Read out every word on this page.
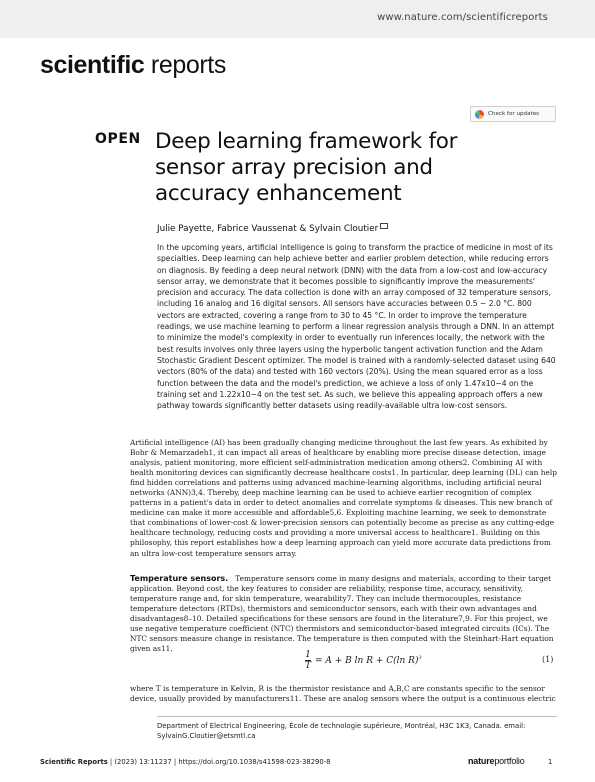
www.nature.com/scientificreports
scientific reports
Check for updates
OPEN Deep learning framework for sensor array precision and accuracy enhancement
Julie Payette, Fabrice Vaussenat & Sylvain Cloutier

In the upcoming years, artificial intelligence is going to transform the practice of medicine in most of its specialties. Deep learning can help achieve better and earlier problem detection, while reducing errors on diagnosis. By feeding a deep neural network (DNN) with the data from a low-cost and low-accuracy sensor array, we demonstrate that it becomes possible to significantly improve the measurements' precision and accuracy. The data collection is done with an array composed of 32 temperature sensors, including 16 analog and 16 digital sensors. All sensors have accuracies between 0.5 − 2.0 °C. 800 vectors are extracted, covering a range from to 30 to 45 °C. In order to improve the temperature readings, we use machine learning to perform a linear regression analysis through a DNN. In an attempt to minimize the model's complexity in order to eventually run inferences locally, the network with the best results involves only three layers using the hyperbolic tangent activation function and the Adam Stochastic Gradient Descent optimizer. The model is trained with a randomly-selected dataset using 640 vectors (80% of the data) and tested with 160 vectors (20%). Using the mean squared error as a loss function between the data and the model's prediction, we achieve a loss of only 1.47x10−4 on the training set and 1.22x10−4 on the test set. As such, we believe this appealing approach offers a new pathway towards significantly better datasets using readily-available ultra low-cost sensors.

Artificial intelligence (AI) has been gradually changing medicine throughout the last few years. As exhibited by Bohr & Memarzadeh1, it can impact all areas of healthcare by enabling more precise disease detection, image analysis, patient monitoring, more efficient self-administration medication among others2. Combining AI with health monitoring devices can significantly decrease healthcare costs1. In particular, deep learning (DL) can help find hidden correlations and patterns using advanced machine-learning algorithms, including artificial neural networks (ANN)3,4. Thereby, deep machine learning can be used to achieve earlier recognition of complex patterns in a patient's data in order to detect anomalies and correlate symptoms & diseases. This new branch of medicine can make it more accessible and affordable5,6. Exploiting machine learning, we seek to demonstrate that combinations of lower-cost & lower-precision sensors can potentially become as precise as any cutting-edge healthcare technology, reducing costs and providing a more universal access to healthcare1. Building on this philosophy, this report establishes how a deep learning approach can yield more accurate data predictions from an ultra low-cost temperature sensors array.

Temperature sensors. Temperature sensors come in many designs and materials, according to their target application. Beyond cost, the key features to consider are reliability, response time, accuracy, sensitivity, temperature range and, for skin temperature, wearability7. They can include thermocouples, resistance temperature detectors (RTDs), thermistors and semiconductor sensors, each with their own advantages and disadvantages8–10. Detailed specifications for these sensors are found in the literature7,9. For this project, we use negative temperature coefficient (NTC) thermistors and semiconductor-based integrated circuits (ICs). The NTC sensors measure change in resistance. The temperature is then computed with the Steinhart-Hart equation given as11,

$\frac{1}{T} = A + B$ ln R + C(ln R)$^3$	(1)

where T is temperature in Kelvin, R is the thermistor resistance and A,B,C are constants specific to the sensor device, usually provided by manufacturers11. These are analog sensors where the output is a continuous electric

Department of Electrical Engineering, École de technologie supérieure, Montréal, H3C 1K3, Canada. email: SylvainG.Cloutier@etsmtl.ca

Scientific Reports | (2023) 13:11237 | https://doi.org/10.1038/s41598-023-38290-8	natureportfolio	1
